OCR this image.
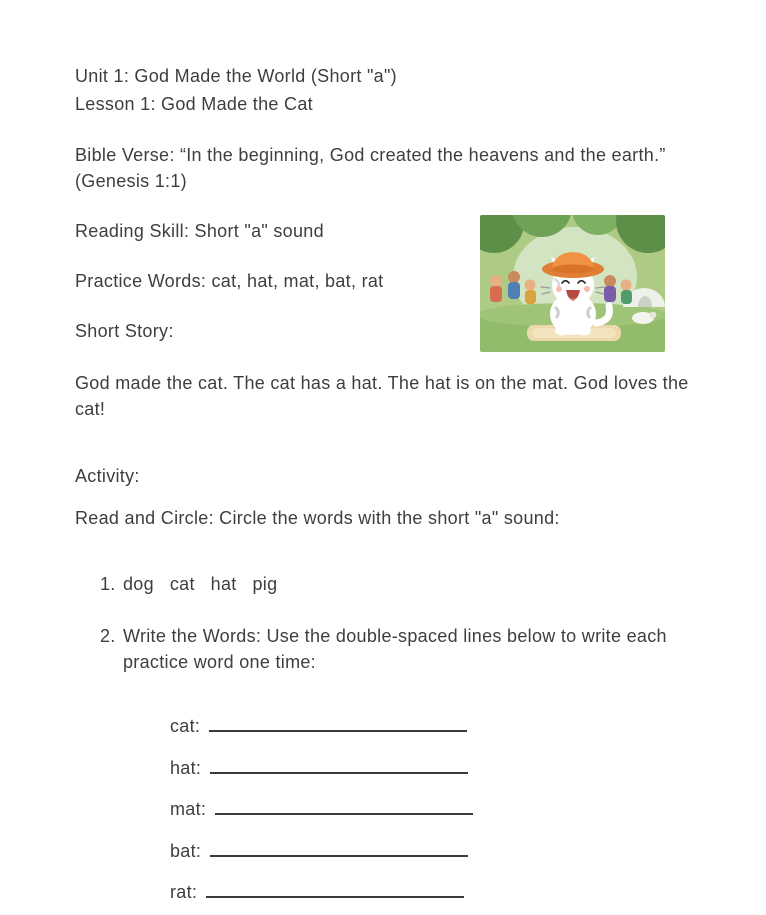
Unit 1: God Made the World (Short "a")
Lesson 1: God Made the Cat

Bible Verse: “In the beginning, God created the heavens and the earth.” (Genesis 1:1)

Reading Skill: Short "a" sound

Practice Words: cat, hat, mat, bat, rat

Short Story:

God made the cat. The cat has a hat. The hat is on the mat. God loves the cat!

Activity:

Read and Circle: Circle the words with the short "a" sound:

1. dog   cat   hat   pig
2. Write the Words: Use the double-spaced lines below to write each practice word one time:
cat:
hat:
mat:
bat:
rat:
